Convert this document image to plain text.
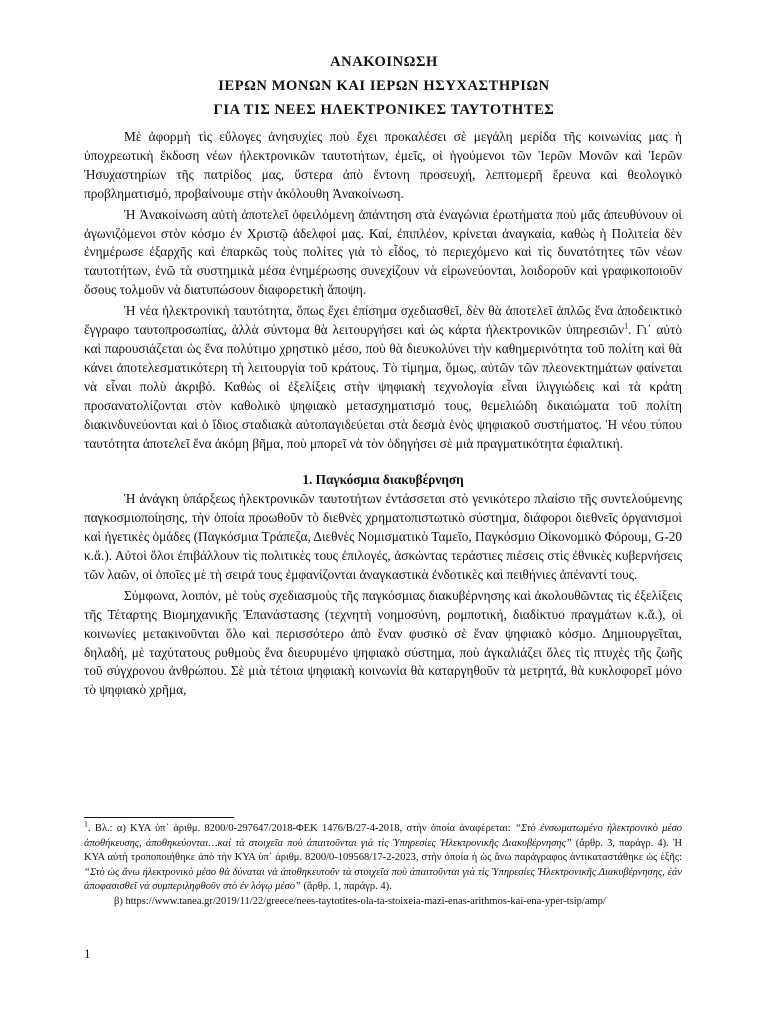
ΑΝΑΚΟΙΝΩΣΗ
ΙΕΡΩΝ ΜΟΝΩΝ ΚΑΙ ΙΕΡΩΝ ΗΣΥΧΑΣΤΗΡΙΩΝ
ΓΙΑ ΤΙΣ ΝΕΕΣ ΗΛΕΚΤΡΟΝΙΚΕΣ ΤΑΥΤΟΤΗΤΕΣ

Μὲ ἀφορμὴ τὶς εὔλογες ἀνησυχίες ποὺ ἔχει προκαλέσει σὲ μεγάλη μερίδα τῆς κοινωνίας μας ἡ ὑποχρεωτικὴ ἔκδοση νέων ἠλεκτρονικῶν ταυτοτήτων, ἐμεῖς, οἱ ἡγούμενοι τῶν Ἱερῶν Μονῶν καὶ Ἱερῶν Ἡσυχαστηρίων τῆς πατρίδος μας, ὕστερα ἀπὸ ἔντονη προσευχή, λεπτομερῆ ἔρευνα καὶ θεολογικὸ προβληματισμό, προβαίνουμε στὴν ἀκόλουθη Ἀνακοίνωση.

Ἡ Ἀνακοίνωση αὐτὴ ἀποτελεῖ ὀφειλόμενη ἀπάντηση στὰ ἐναγώνια ἐρωτήματα ποὺ μᾶς ἀπευθύνουν οἱ ἀγωνιζόμενοι στὸν κόσμο ἐν Χριστῷ ἀδελφοί μας. Καί, ἐπιπλέον, κρίνεται ἀναγκαία, καθὼς ἡ Πολιτεία δὲν ἐνημέρωσε ἐξαρχῆς καὶ ἐπαρκῶς τοὺς πολίτες γιὰ τὸ εἶδος, τὸ περιεχόμενο καὶ τὶς δυνατότητες τῶν νέων ταυτοτήτων, ἐνῶ τὰ συστημικὰ μέσα ἐνημέρωσης συνεχίζουν νὰ εἰρωνεύονται, λοιδοροῦν καὶ γραφικοποιοῦν ὅσους τολμοῦν νὰ διατυπώσουν διαφορετικὴ ἄποψη.

Ἡ νέα ἠλεκτρονικὴ ταυτότητα, ὅπως ἔχει ἐπίσημα σχεδιασθεῖ, δὲν θὰ ἀποτελεῖ ἁπλῶς ἕνα ἀποδεικτικὸ ἔγγραφο ταυτοπροσωπίας, ἀλλὰ σύντομα θὰ λειτουργήσει καὶ ὡς κάρτα ἠλεκτρονικῶν ὑπηρεσιῶν$^1$. Γι᾽ αὐτὸ καὶ παρουσιάζεται ὡς ἕνα πολύτιμο χρηστικὸ μέσο, ποὺ θὰ διευκολύνει τὴν καθημερινότητα τοῦ πολίτη καὶ θὰ κάνει ἀποτελεσματικότερη τὴ λειτουργία τοῦ κράτους. Τὸ τίμημα, ὅμως, αὐτῶν τῶν πλεονεκτημάτων φαίνεται νὰ εἶναι πολὺ ἀκριβό. Καθὼς οἱ ἐξελίξεις στὴν ψηφιακὴ τεχνολογία εἶναι ἰλιγγιώδεις καὶ τὰ κράτη προσανατολίζονται στὸν καθολικὸ ψηφιακὸ μετασχηματισμό τους, θεμελιώδη δικαιώματα τοῦ πολίτη διακινδυνεύονται καὶ ὁ ἴδιος σταδιακὰ αὐτοπαγιδεύεται στὰ δεσμὰ ἑνὸς ψηφιακοῦ συστήματος. Ἡ νέου τύπου ταυτότητα ἀποτελεῖ ἕνα ἀκόμη βῆμα, ποὺ μπορεῖ νὰ τὸν ὁδηγήσει σὲ μιὰ πραγματικότητα ἐφιαλτική.

1. Παγκόσμια διακυβέρνηση

Ἡ ἀνάγκη ὑπάρξεως ἠλεκτρονικῶν ταυτοτήτων ἐντάσσεται στὸ γενικότερο πλαίσιο τῆς συντελούμενης παγκοσμιοποίησης, τὴν ὁποία προωθοῦν τὸ διεθνὲς χρηματοπιστωτικὸ σύστημα, διάφοροι διεθνεῖς ὀργανισμοὶ καὶ ἡγετικὲς ὁμάδες (Παγκόσμια Τράπεζα, Διεθνὲς Νομισματικὸ Ταμεῖο, Παγκόσμιο Οἰκονομικὸ Φόρουμ, G-20 κ.ἄ.). Αὐτοὶ ὅλοι ἐπιβάλλουν τὶς πολιτικὲς τους ἐπιλογές, ἀσκώντας τεράστιες πιέσεις στὶς ἐθνικὲς κυβερνήσεις τῶν λαῶν, οἱ ὁποῖες μὲ τὴ σειρά τους ἐμφανίζονται ἀναγκαστικὰ ἐνδοτικὲς καὶ πειθήνιες ἀπέναντί τους.

Σύμφωνα, λοιπόν, μὲ τοὺς σχεδιασμοὺς τῆς παγκόσμιας διακυβέρνησης καὶ ἀκολουθῶντας τὶς ἐξελίξεις τῆς Τέταρτης Βιομηχανικῆς Ἐπανάστασης (τεχνητὴ νοημοσύνη, ρομποτική, διαδίκτυο πραγμάτων κ.ἄ.), οἱ κοινωνίες μετακινοῦνται ὅλο καὶ περισσότερο ἀπὸ ἕναν φυσικὸ σὲ ἕναν ψηφιακὸ κόσμο. Δημιουργεῖται, δηλαδή, μὲ ταχύτατους ρυθμοὺς ἕνα διευρυμένο ψηφιακὸ σύστημα, ποὺ ἀγκαλιάζει ὅλες τὶς πτυχὲς τῆς ζωῆς τοῦ σύγχρονου ἀνθρώπου. Σὲ μιὰ τέτοια ψηφιακὴ κοινωνία θὰ καταργηθοῦν τὰ μετρητά, θὰ κυκλοφορεῖ μόνο τὸ ψηφιακὸ χρῆμα,

$^1$. Βλ.: α) ΚΥΑ ὑπ᾽ ἀριθμ. 8200/0-297647/2018-ΦΕΚ 1476/Β/27-4-2018, στὴν ὁποία ἀναφέρεται: “Στὸ ἐνσωματωμένο ἠλεκτρονικὸ μέσο ἀποθήκευσης, ἀποθηκεύονται…καί τὰ στοιχεῖα ποὺ ἀπαιτοῦνται γιὰ τὶς Ὑπηρεσίες Ἠλεκτρονικῆς Διακυβέρνησης” (ἄρθρ. 3, παράγρ. 4). Ἡ ΚΥΑ αὐτὴ τροποποιήθηκε ἀπὸ τὴν ΚΥΑ ὑπ᾽ ἀριθμ. 8200/0-109568/17-2-2023, στὴν ὁποία ἡ ὡς ἄνω παράγραφος ἀντικαταστάθηκε ὡς ἑξῆς: “Στὸ ὡς ἄνω ἠλεκτρονικὸ μέσο θὰ δύναται νὰ ἀποθηκευτοῦν τὰ στοιχεῖα ποὺ ἀπαιτοῦνται γιὰ τὶς Ὑπηρεσίες Ἠλεκτρονικῆς Διακυβέρνησης, ἐάν ἀποφασισθεῖ νὰ συμπεριληφθοῦν στὸ ἐν λόγῳ μέσο” (ἄρθρ. 1, παράγρ. 4).

β) https://www.tanea.gr/2019/11/22/greece/nees-taytotites-ola-ta-stoixeia-mazi-enas-arithmos-kai-ena-yper-tsip/amp/

1
